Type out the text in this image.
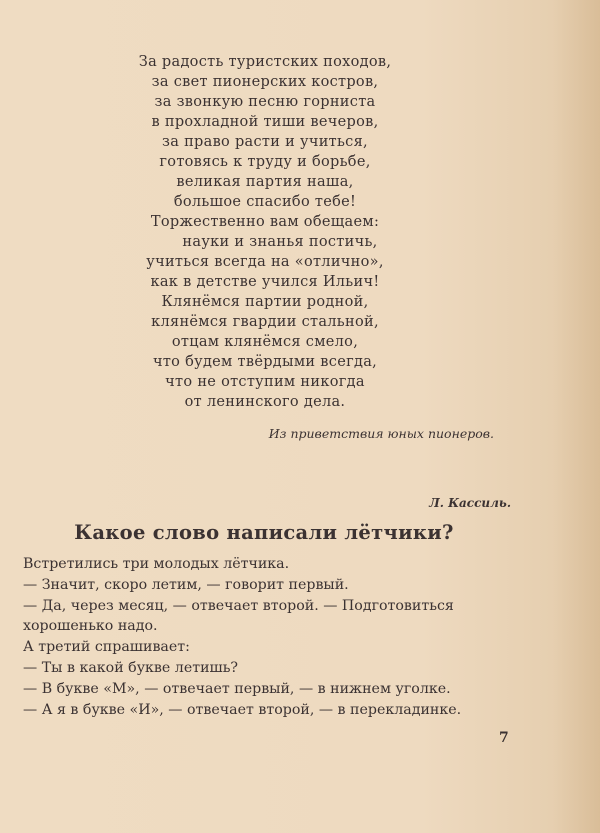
За радость туристских походов,
за свет пионерских костров,
за звонкую песню горниста
в прохладной тиши вечеров,
за право расти и учиться,
готовясь к труду и борьбе,
великая партия наша,
большое спасибо тебе!
Торжественно вам обещаем:
науки и знанья постичь,
учиться всегда на «отлично»,
как в детстве учился Ильич!
Клянёмся партии родной,
клянёмся гвардии стальной,
отцам клянёмся смело,
что будем твёрдыми всегда,
что не отступим никогда
от ленинского дела.
Из приветствия юных пионеров.
Л. Кассиль.
Какое слово написали лётчики?
Встретились три молодых лётчика.
— Значит, скоро летим, — говорит первый.
— Да, через месяц, — отвечает второй. — Подготовиться
хорошенько надо.
А третий спрашивает:
— Ты в какой букве летишь?
— В букве «М», — отвечает первый, — в нижнем уголке.
— А я в букве «И», — отвечает второй, — в перекладинке.
7
